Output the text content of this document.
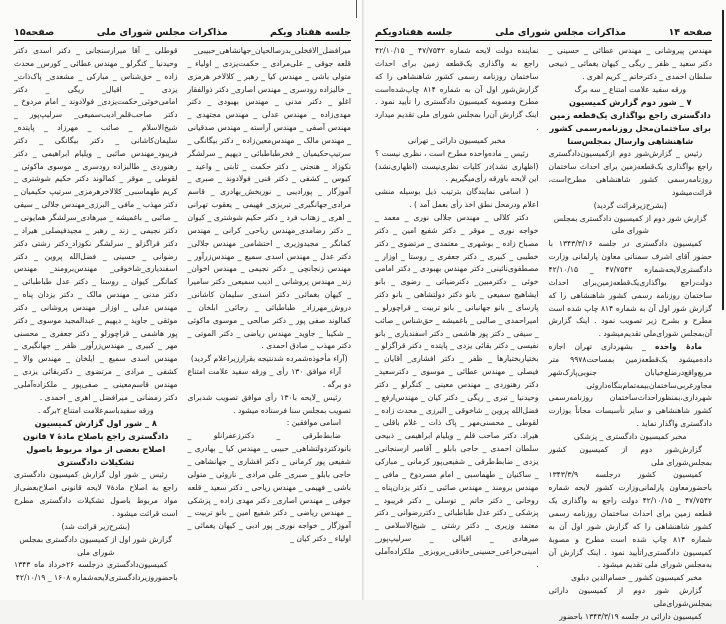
جلسه هفتاد ویکم
مذاکرات مجلس شورای ملی
صفحه۱۵

میرافضل_الافخلی_بدرصالحیان_جهانشاهی_حبیبی_ قلعه جوقی _ علی‌مرادی _ حکمت‌یزدی _ اولیاء _ متولی باشی _ مهندس کیا _ رهبر _ کلالاخر هرمزی _ خالیزاده رودسری _ مهندس اصاری_ دکتر ذوالفقار اغلو _ دکتر مدنی _ مهندس بهبودی _ دکتر مهدی‌زاده _ مهندس عدلی _ مهندس مجتهدی _ مهندس آصفی _ مهندس آراسته _ مهندس صدقیانی _ مهندس مالک _ مهندس‌معین‌زاده _ دکتر بیگانگی _ سرتیپ‌حکیمیان _ فخرطباطبائی _ دیهیم _ سرلشگر نکوزاد _ هنجنی _ دکتر حکمت _ ثابتی _ واعید _ کیوس _ کشفی _ دکتر قنی_ فولادوند _ صبری _ آموزگار _ پورادیبی _ نوربخش_بهادری _ قاسم مرادی_جهانگیری_ تبریزی_ فهیمی _ یعقوب تهرانی _ اهری _ زهتاب فرد _ دکتر حکیم شوشتری _ کیوان _ دکتر رضامدی_مهندس ریاحی_ کرانی _ مهندس کمانگر _ مجید‌وزیری _ احتشامی_ مهندس جلالی_ دکتر عدل _ مهندس اسدی سمیع _ مهندس‌زرآور _ مهندس زنجانچی _ دکتر نجیمی _ مهندس اخوان_ زند_ مهندس پروشانی _ ادیب سمیعی_ دکتر سامیرا _ کیهان بغمائی_ دکتر اسدی_ سلیمان کاشانی_ دروش_مهرزاد_ طباطبائی _ رجائی_ ابلخان _ کمالوند صفی پور _ دکتر صالحی _ موسوی ماکوئی _ شکیبا _ جاوید_ مهندس ریاضی _ دکتر الموتی _ دکتر مهذب _ صادق احمدی .

(آراء مأخوذه‌شمرده شدنتیجه بقرارزیراعلام گردید)

آراء موافق ۱۳۰ رأی _ ورقه سفید علامت امتناع دو برگه .

رئیس _لایحه با۱۳۰ رأی موافق تصویب شدبرای تصویب بمجلس سنا فرستاده میشود .

اسامی موافقین :

ضابط‌طرقی _ دکترزعفرانلو _ بانودکتردولتشاهی_ حبیبی _ مهندس کیا _ بهادری _ شفیعی پور کرمانی _ دکتر افشاری _ جهانشاهی _ حاجی بابلو _ صبری_ علی مرادی _ ناروئی _ متولی باشی _ فهیمی _ مهندس ریاحی _ دکتر سعید _ قلعه جوقی _ مهندس اصاری_ دکتر مهدی زاده _ پزشکی _ مهندس ریاضی _ دکتر شفیع امین _ بانو تربیت _ آموزگار _ خواجه نوری_ پور ادبی _ کیهان یغمائی _ اولیاء _ دکتر کیان _

قوطلی _ آقا میرارسنجانی _ دکتر اسدی دکتر وحیدنیا _ کنگرلو _ مهندس عطائی _ کورس_ محدث زاده _ حق‌شناس _ مبارکی _ مشعدی_ پاک‌ذات_ یزدی _ اقبال_ ریگی _ دکتر امامی‌خوئی_حکمت‌یزدی_ فولادوند _ امام مردوخ _ دکتر صاحب‌قلم_ادیب‌سمیعی_ سرلیپ‌پور _ شیخ‌الاسلام _ صائب _ مهرزاد _ پایتده_ سلیمان‌کاشانی _ دکتر بیگانگی _ دکتر فریبود_مهندس صائبی _ ویلیام ابراهیمی _ دکتر رهنوردی _ طالبزاده رودسری _ موسوی ماکوئی _ لقوطی _ موقر _ کمالوند دکتر حکیم شوشتری _ کریم طهماسبی_ کلالاخرهرمزی_ سرتیپ حکیمیان _ دکتر مهذب _ مافی _ البرزی_مهندس جلالی _ سیفی _ صائبی _ باغمیشه _ میرهادی_سرلشگر همایونی _ دکتر نجیمی _ زند _ رهبر _ مجیدفیصلی_ هیراد _ دکتر قراگزلو _ سرلشگر نکوزاد_دکتر رشتی دکتر رضوانی _ حسینی _ فضل‌الله پروین _ دکتر اسفندیاری_شاخوقی_ مهندس‌برومند_ مهندس کمانگر_ کیوان _ روستا _ دکتر عدل طباطبائی _ دکتر مدنی _ مهندس مالک _ دکتر یزدان پناه _ مهندس عدلی _ اوزار_ مهندس پروشانی _ دکتر موثقی _ جاوید _ دیهیم _ عبدالمجید موسوی _ دکتر پور هاشمی _ قراچورلو _ دکتر جعفری _ محسنی مهر _ کبیری _ مهندس‌زرآور_ ظفر _ جهانگیری _ مهندس اسدی سمیع _ ایلخان _ مهندس والا _ کشفی _ مرادی _ مرتضوی _ دکتربقائی یزدی _ مهندس قاسم‌معینی _ صفی‌پور _ ملکزاده‌آملی_ دکتر رمضانی _ میرافضل _ اهری _ احمدی .

ورقه سفید‌باسم‌علامت امتناع ۲برگه .

۸ _ شور اول گزارش کمیسیون دادگستری راجع باصلاح مادهٔ ۷ قانون اصلاح بعضی از مواد مربوط باصول تشکیلات دادگستری

رئیس _ شور اول گزارش کمیسیون دادگستری راجع به اصلاح مادهٔ۷ لایحه قانونی اصلاح‌بعضی‌از مواد مربوط باصول تشکیلات دادگستری مطرح است قرائت میشود .

(بشرح‌زیر قرائت شد)

گزارش شور اول از کمیسیون دادگستری بمجلس شورای ملی

کمیسیون‌دادگستری درجلسه ۲۶خرداد ماه ۱۳۴۳ باحضوروزیردادگستری‌لایحه‌شماره ۱۶۰۸ _ ۴۲/۱۰/۱۹

صفحه ۱۴
مذاکرات مجلس شورای ملی
جلسه هفتادویکم

مهندس پیروشانی _ مهندس عطائی _ حسینی _ دکتر سعید _ ظفر _ ریگی _ کیهان یغمائی _ ذبیحی سلطان احمدی _ دکترحاتم _ کریم اهری .

ورقه سفید علامت امتناع _ سه برگ

۷ _ شور دوم گزارش کمیسیون دادگستری راجع بواگذاری یک‌قطعه زمین برای ساختمان‌محل روزنامه‌رسمی کشور شاهنشاهی وارسال بمجلس‌سنا

رئیس _ گزارش‌شور دوم ازکمیسیون‌دادگستری راجع بواگذاری یک‌قطعه‌زمین برای احداث ساختمان روزنامه‌رسمی کشور شاهنشاهی مطرح‌است، قرائت‌میشود

(بشرح‌زیرقرائت گردید)

گزارش شور دوم از کمیسیون دادگستری بمجلس شورای ملی

کمیسیون دادگستری در جلسه ۱۳۴۳/۳/۱۶ با حضور آقای اشرف سمنانی معاون پارلمانی وزارت دادگستری‌لایحه‌شماره ۴۷/۷۵۴۲ _ ۴۲/۱۰/۱۵ دولت‌راجع بواگذاری‌یک‌قطعه‌زمین‌برای احداث ساختمان روزنامه رسمی کشور شاهنشاهی را که گزارش شور اول آن به شماره ۸۱۴ چاپ شده است مطرح و بشرح زیر تصویب نمود . اینک گزارش آن‌بمجلس شورای‌ملی تقدیم‌میشود .

مادهٔ واحده _ بشهرداری تهران اجازه داده‌میشود یک‌قطعه‌زمین بمساحت۹۹۷۸ متر مربع‌واقع‌درضلع‌خیابان جنوبی‌پارک‌شهر مجاورغربی‌ساختمان‌بیمه‌تمام‌بنگاه‌داروئی شهرداری،بمنظوراحداث‌ساختمان روزنامه‌رسمی کشور شاهنشاهی و سایر تأسیسات مجاناً بوزارت دادگستری واگذار نماید .

مخبر کمیسیون دادگستری _ پزشکی

گزارش‌شور دوم از کمیسیون کشور بمجلس‌شورای ملی

کمیسیون کشور درجلسه ۱۳۴۳/۳/۹ باحضورمعاون پارلمانی‌وزارت کشور لایحه شماره ۴۷/۷۵۴۲ _ ۴۲/۱۰/۱۵ دولت راجع به واگذاری یک قطعه زمین برای احداث ساختمان روزنامه رسمی کشور شاهنشاهی را که گزارش شور اول آن به شماره ۸۱۴ چاپ شده است مطرح و مصوبهٔ کمیسیون دادگستری‌راتأیید نمود . اینک گزارش آن به‌مجلس شورای ملی تقدیم میشود .

مخبر کمیسیون کشور _ حسام‌الدین دبلوی

گزارش شور دوم از کمیسیون دارائی بمجلس‌شورای‌ملی

کمیسیون دارائی در جلسه ۱۳۴۳/۳/۱۹ باحضور

نماینده دولت لایحه شماره ۴۷/۷۵۴۲ _ ۴۲/۱۰/۱۵ راجع به واگذاری یک‌قطعه زمین برای احداث ساختمان روزنامه رسمی کشور شاهنشاهی را که گزارش‌شور اول آن به شماره ۸۱۴ چاپ‌شده‌است مطرح ومصوبه کمیسیون دادگستری را تأیید نمود . اینک گزارش آن‌را بمجلس شورای ملی تقدیم میدارد .

مخبر کمیسیون دارائی _ تهرانی

رئیس _ ماده‌واحده مطرح است ، نظری نیست ؟ (اظهاری نشد)در کلیات نظری‌نیست (اظهاری‌نشد) این لایحه باورقه رأی‌میگیریم .

( اسامی نمایندگان بترتیب ذیل بوسیله منشی اعلام ودرمحل نطق اخذ رأی بعمل آمد ) .

دکتر کلالی _ مهندس جلالی نوری _ معمد _ خواجه نوری _ موقر _ دکتر شفیع امین _ دکتر مصباح زاده _ بوشهری _ معتمدی _ مرتضوی _ دکتر خطیبی _ کبیری _ دکتر جعفری _ روستا _ اوزار _ مصطفوی‌نائینی_ دکتر مهندس بهبودی _ دکتر امامی خوئی _ دکترمبین_ دکترضیائی _ رضوی _ بانو ایشاهیج سمیعی _ بانو دکتر دولتشاهی _ بانو دکتر پارسای _ بانو جهانبانی _ بانو تربیت _ قراچورلو _ امیراحمدی _ صالبی _ باغمیشه _ حق‌شناس _ صائب _ سیفی _ دکتر پور هاشمی _ دکتر اسفندیاری _ بانو نفیسی _ دکتر بقائی یزدی _ پایتده _ دکتر قراگزلو _ بختیاربختیارها _ ظفر _ دکتر افشاری_ آقایان _ فیصلی _ مهندس عطائی _ موسوی _ دکترسعید_ دکتر رهنوردی _ مهندس معینی _ کنگرلو _ دکتر وحیدنیا _ تبری _ ریگی _ دکتر کیان _ مهندس‌ارفع _ فضل‌الله پروین _ شاخوقی _ البرزی _ محدث زاده _ لقوطی _ محسنی‌مهر _ پاک ذات _ غلام باقلی _ هیراد. دکتر صاحب قلم _ ویلیام ابراهیمی _ ذبیحی سلطان احمدی _ حاجی بابلو _ آقامیر ارسنجانی_ یزدی _ ضابط‌طرقی _ شفیعی‌پور کرمانی _ مبارکی _ ساکنیان _ طهماسبی _ امام مسردوخ _ مافی _ مهندس برومند _ مهندس صائبی _ دکتر یزدان‌پناه _ روحانی _ دکتر حاتم _ توسلی _ دکتر فریبود _ پزشکی _ دکتر عدل طباطبائی _ دکتررضوانی _ دکتر معتمد وزیری _ دکتر رشتی _ شیخ‌الاسلامی _ میرهادی _ اقبالی _ سرلیپ‌پور_ امینی‌خراعی_حسینی_حاذقی_بروبزی_ ملکزاده‌آملی .
